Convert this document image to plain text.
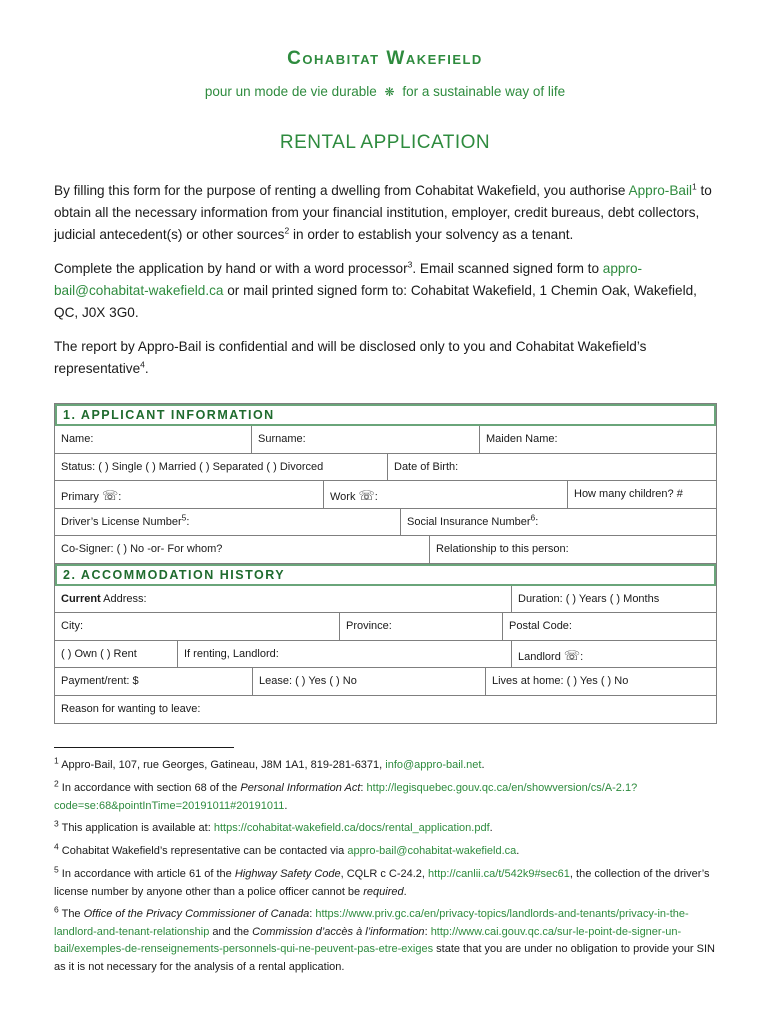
Cohabitat Wakefield
pour un mode de vie durable ❋ for a sustainable way of life
RENTAL APPLICATION
By filling this form for the purpose of renting a dwelling from Cohabitat Wakefield, you authorise Appro-Bail$^1$ to obtain all the necessary information from your financial institution, employer, credit bureaus, debt collectors, judicial antecedent(s) or other sources$^2$ in order to establish your solvency as a tenant.
Complete the application by hand or with a word processor$^3$. Email scanned signed form to appro-bail@cohabitat-wakefield.ca or mail printed signed form to: Cohabitat Wakefield, 1 Chemin Oak, Wakefield, QC, J0X 3G0.
The report by Appro-Bail is confidential and will be disclosed only to you and Cohabitat Wakefield’s representative$^4$.
1. APPLICANT INFORMATION
Name:	Surname:	Maiden Name:
Status: ( ) Single ( ) Married ( ) Separated ( ) Divorced	Date of Birth:
Primary ☏:	Work ☏:	How many children? #
Driver’s License Number$^5$:	Social Insurance Number$^6$:
Co-Signer: ( ) No -or- For whom?	Relationship to this person:
2. ACCOMMODATION HISTORY
Current Address:	Duration: ( ) Years ( ) Months
City:	Province:	Postal Code:
( ) Own ( ) Rent	If renting, Landlord:	Landlord ☏:
Payment/rent: $	Lease: ( ) Yes ( ) No	Lives at home: ( ) Yes ( ) No
Reason for wanting to leave:
$^1$ Appro-Bail, 107, rue Georges, Gatineau, J8M 1A1, 819-281-6371, info@appro-bail.net.
$^2$ In accordance with section 68 of the Personal Information Act: http://legisquebec.gouv.qc.ca/en/showversion/cs/A-2.1?code=se:68&pointInTime=20191011#20191011.
$^3$ This application is available at: https://cohabitat-wakefield.ca/docs/rental_application.pdf.
$^4$ Cohabitat Wakefield’s representative can be contacted via appro-bail@cohabitat-wakefield.ca.
$^5$ In accordance with article 61 of the Highway Safety Code, CQLR c C-24.2, http://canlii.ca/t/542k9#sec61, the collection of the driver’s license number by anyone other than a police officer cannot be required.
$^6$ The Office of the Privacy Commissioner of Canada: https://www.priv.gc.ca/en/privacy-topics/landlords-and-tenants/privacy-in-the-landlord-and-tenant-relationship and the Commission d’accès à l’information: http://www.cai.gouv.qc.ca/sur-le-point-de-signer-un-bail/exemples-de-renseignements-personnels-qui-ne-peuvent-pas-etre-exiges state that you are under no obligation to provide your SIN as it is not necessary for the analysis of a rental application.
